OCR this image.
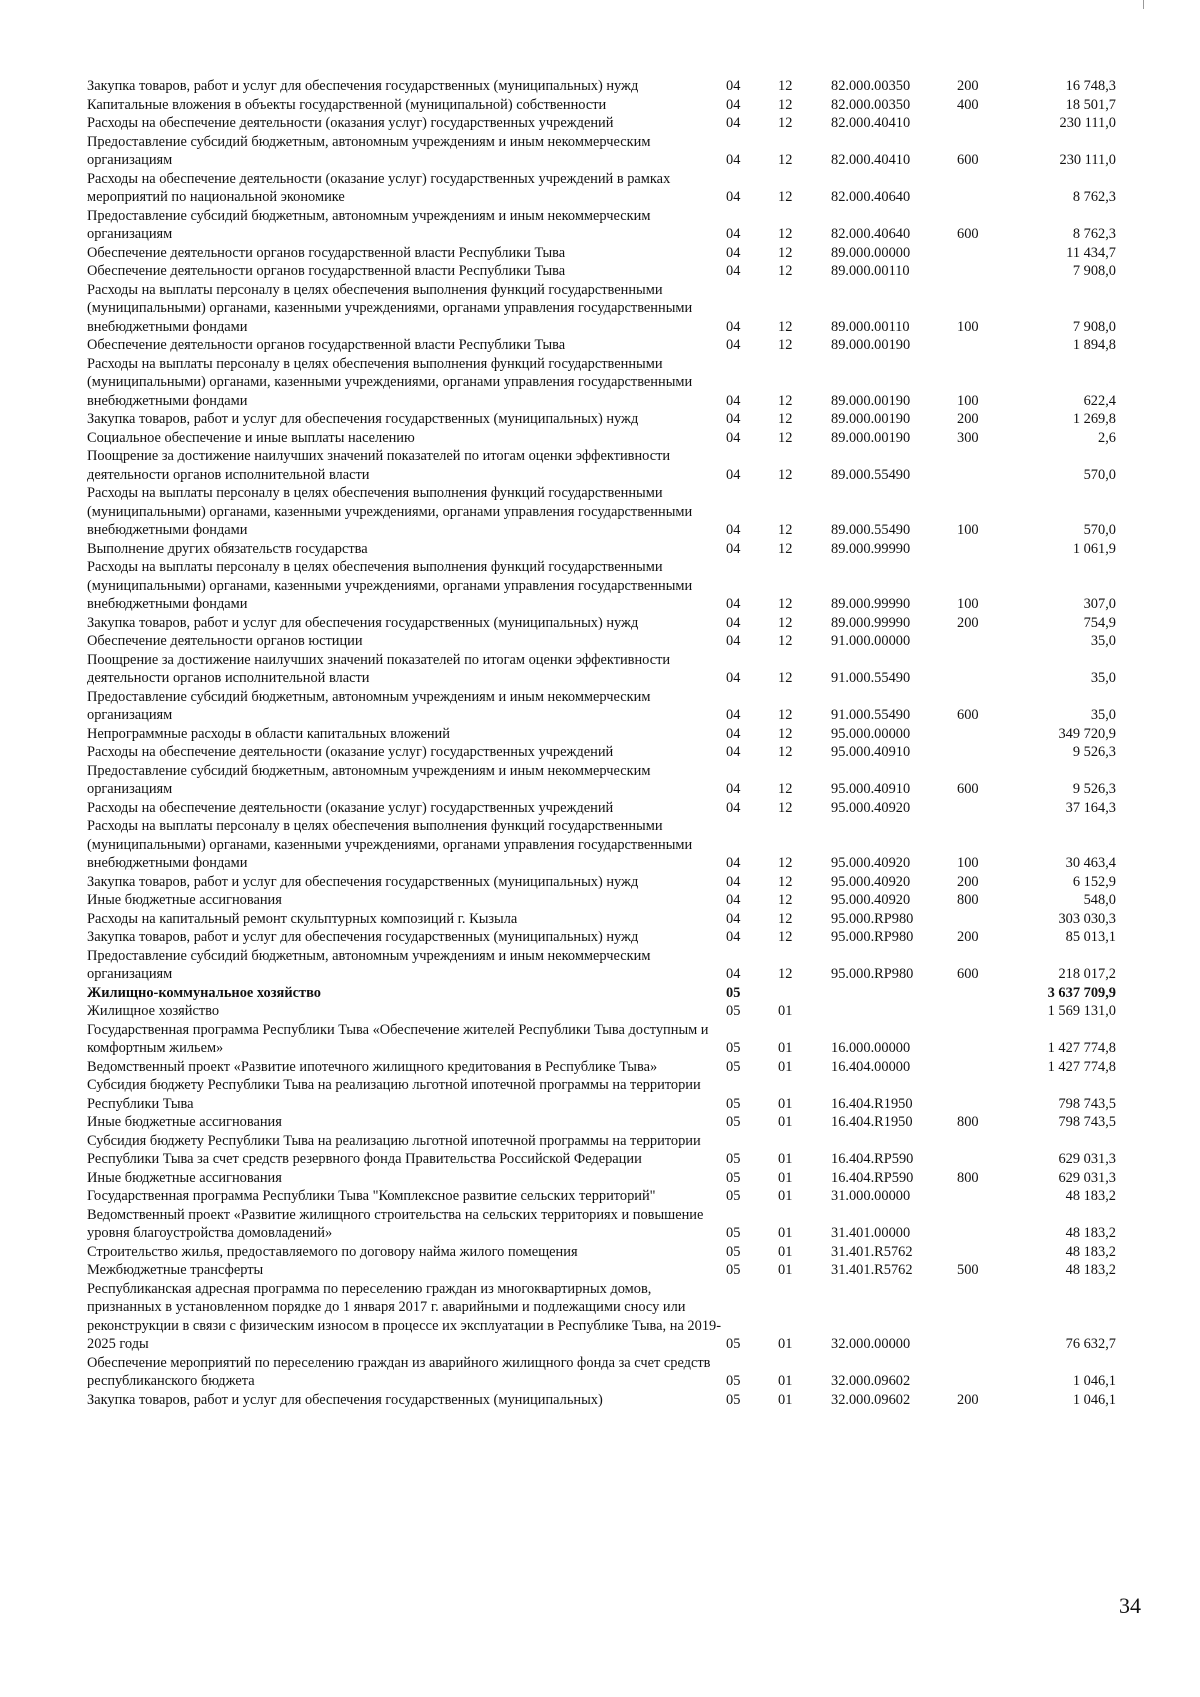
Закупка товаров, работ и услуг для обеспечения государственных (муниципальных) нужд	04	12	82.000.00350	200	16 748,3
Капитальные вложения в объекты государственной (муниципальной) собственности	04	12	82.000.00350	400	18 501,7
Расходы на обеспечение деятельности (оказания услуг) государственных учреждений	04	12	82.000.40410		230 111,0
Предоставление субсидий бюджетным, автономным учреждениям и иным некоммерческим организациям	04	12	82.000.40410	600	230 111,0
Расходы на обеспечение деятельности (оказание услуг) государственных учреждений в рамках мероприятий по национальной экономике	04	12	82.000.40640		8 762,3
Предоставление субсидий бюджетным, автономным учреждениям и иным некоммерческим организациям	04	12	82.000.40640	600	8 762,3
Обеспечение деятельности органов государственной власти Республики Тыва	04	12	89.000.00000		11 434,7
Обеспечение деятельности органов государственной власти Республики Тыва	04	12	89.000.00110		7 908,0
Расходы на выплаты персоналу в целях обеспечения выполнения функций государственными (муниципальными) органами, казенными учреждениями, органами управления государственными внебюджетными фондами	04	12	89.000.00110	100	7 908,0
Обеспечение деятельности органов государственной власти Республики Тыва	04	12	89.000.00190		1 894,8
Расходы на выплаты персоналу в целях обеспечения выполнения функций государственными (муниципальными) органами, казенными учреждениями, органами управления государственными внебюджетными фондами	04	12	89.000.00190	100	622,4
Закупка товаров, работ и услуг для обеспечения государственных (муниципальных) нужд	04	12	89.000.00190	200	1 269,8
Социальное обеспечение и иные выплаты населению	04	12	89.000.00190	300	2,6
Поощрение за достижение наилучших значений показателей по итогам оценки эффективности деятельности органов исполнительной власти	04	12	89.000.55490		570,0
Расходы на выплаты персоналу в целях обеспечения выполнения функций государственными (муниципальными) органами, казенными учреждениями, органами управления государственными внебюджетными фондами	04	12	89.000.55490	100	570,0
Выполнение других обязательств государства	04	12	89.000.99990		1 061,9
Расходы на выплаты персоналу в целях обеспечения выполнения функций государственными (муниципальными) органами, казенными учреждениями, органами управления государственными внебюджетными фондами	04	12	89.000.99990	100	307,0
Закупка товаров, работ и услуг для обеспечения государственных (муниципальных) нужд	04	12	89.000.99990	200	754,9
Обеспечение деятельности органов юстиции	04	12	91.000.00000		35,0
Поощрение за достижение наилучших значений показателей по итогам оценки эффективности деятельности органов исполнительной власти	04	12	91.000.55490		35,0
Предоставление субсидий бюджетным, автономным учреждениям и иным некоммерческим организациям	04	12	91.000.55490	600	35,0
Непрограммные расходы в области капитальных вложений	04	12	95.000.00000		349 720,9
Расходы на обеспечение деятельности (оказание услуг) государственных учреждений	04	12	95.000.40910		9 526,3
Предоставление субсидий бюджетным, автономным учреждениям и иным некоммерческим организациям	04	12	95.000.40910	600	9 526,3
Расходы на обеспечение деятельности (оказание услуг) государственных учреждений	04	12	95.000.40920		37 164,3
Расходы на выплаты персоналу в целях обеспечения выполнения функций государственными (муниципальными) органами, казенными учреждениями, органами управления государственными внебюджетными фондами	04	12	95.000.40920	100	30 463,4
Закупка товаров, работ и услуг для обеспечения государственных (муниципальных) нужд	04	12	95.000.40920	200	6 152,9
Иные бюджетные ассигнования	04	12	95.000.40920	800	548,0
Расходы на капитальный ремонт скульптурных композиций г. Кызыла	04	12	95.000.RP980		303 030,3
Закупка товаров, работ и услуг для обеспечения государственных (муниципальных) нужд	04	12	95.000.RP980	200	85 013,1
Предоставление субсидий бюджетным, автономным учреждениям и иным некоммерческим организациям	04	12	95.000.RP980	600	218 017,2
Жилищно-коммунальное хозяйство	05				3 637 709,9
Жилищное хозяйство	05	01			1 569 131,0
Государственная программа Республики Тыва «Обеспечение жителей Республики Тыва доступным и комфортным жильем»	05	01	16.000.00000		1 427 774,8
Ведомственный проект «Развитие ипотечного жилищного кредитования в Республике Тыва»	05	01	16.404.00000		1 427 774,8
Субсидия бюджету Республики Тыва на реализацию льготной ипотечной программы на территории Республики Тыва	05	01	16.404.R1950		798 743,5
Иные бюджетные ассигнования	05	01	16.404.R1950	800	798 743,5
Субсидия бюджету Республики Тыва на реализацию льготной ипотечной программы на территории Республики Тыва за счет средств резервного фонда Правительства Российской Федерации	05	01	16.404.RP590		629 031,3
Иные бюджетные ассигнования	05	01	16.404.RP590	800	629 031,3
Государственная программа Республики Тыва "Комплексное развитие сельских территорий"	05	01	31.000.00000		48 183,2
Ведомственный проект «Развитие жилищного строительства на сельских территориях и повышение уровня благоустройства домовладений»	05	01	31.401.00000		48 183,2
Строительство жилья, предоставляемого по договору найма жилого помещения	05	01	31.401.R5762		48 183,2
Межбюджетные трансферты	05	01	31.401.R5762	500	48 183,2
Республиканская адресная программа по переселению граждан из многоквартирных домов, признанных в установленном порядке до 1 января 2017 г. аварийными и подлежащими сносу или реконструкции в связи с физическим износом в процессе их эксплуатации в Республике Тыва, на 2019-2025 годы	05	01	32.000.00000		76 632,7
Обеспечение мероприятий по переселению граждан из аварийного жилищного фонда за счет средств республиканского бюджета	05	01	32.000.09602		1 046,1
Закупка товаров, работ и услуг для обеспечения государственных (муниципальных)	05	01	32.000.09602	200	1 046,1
34
